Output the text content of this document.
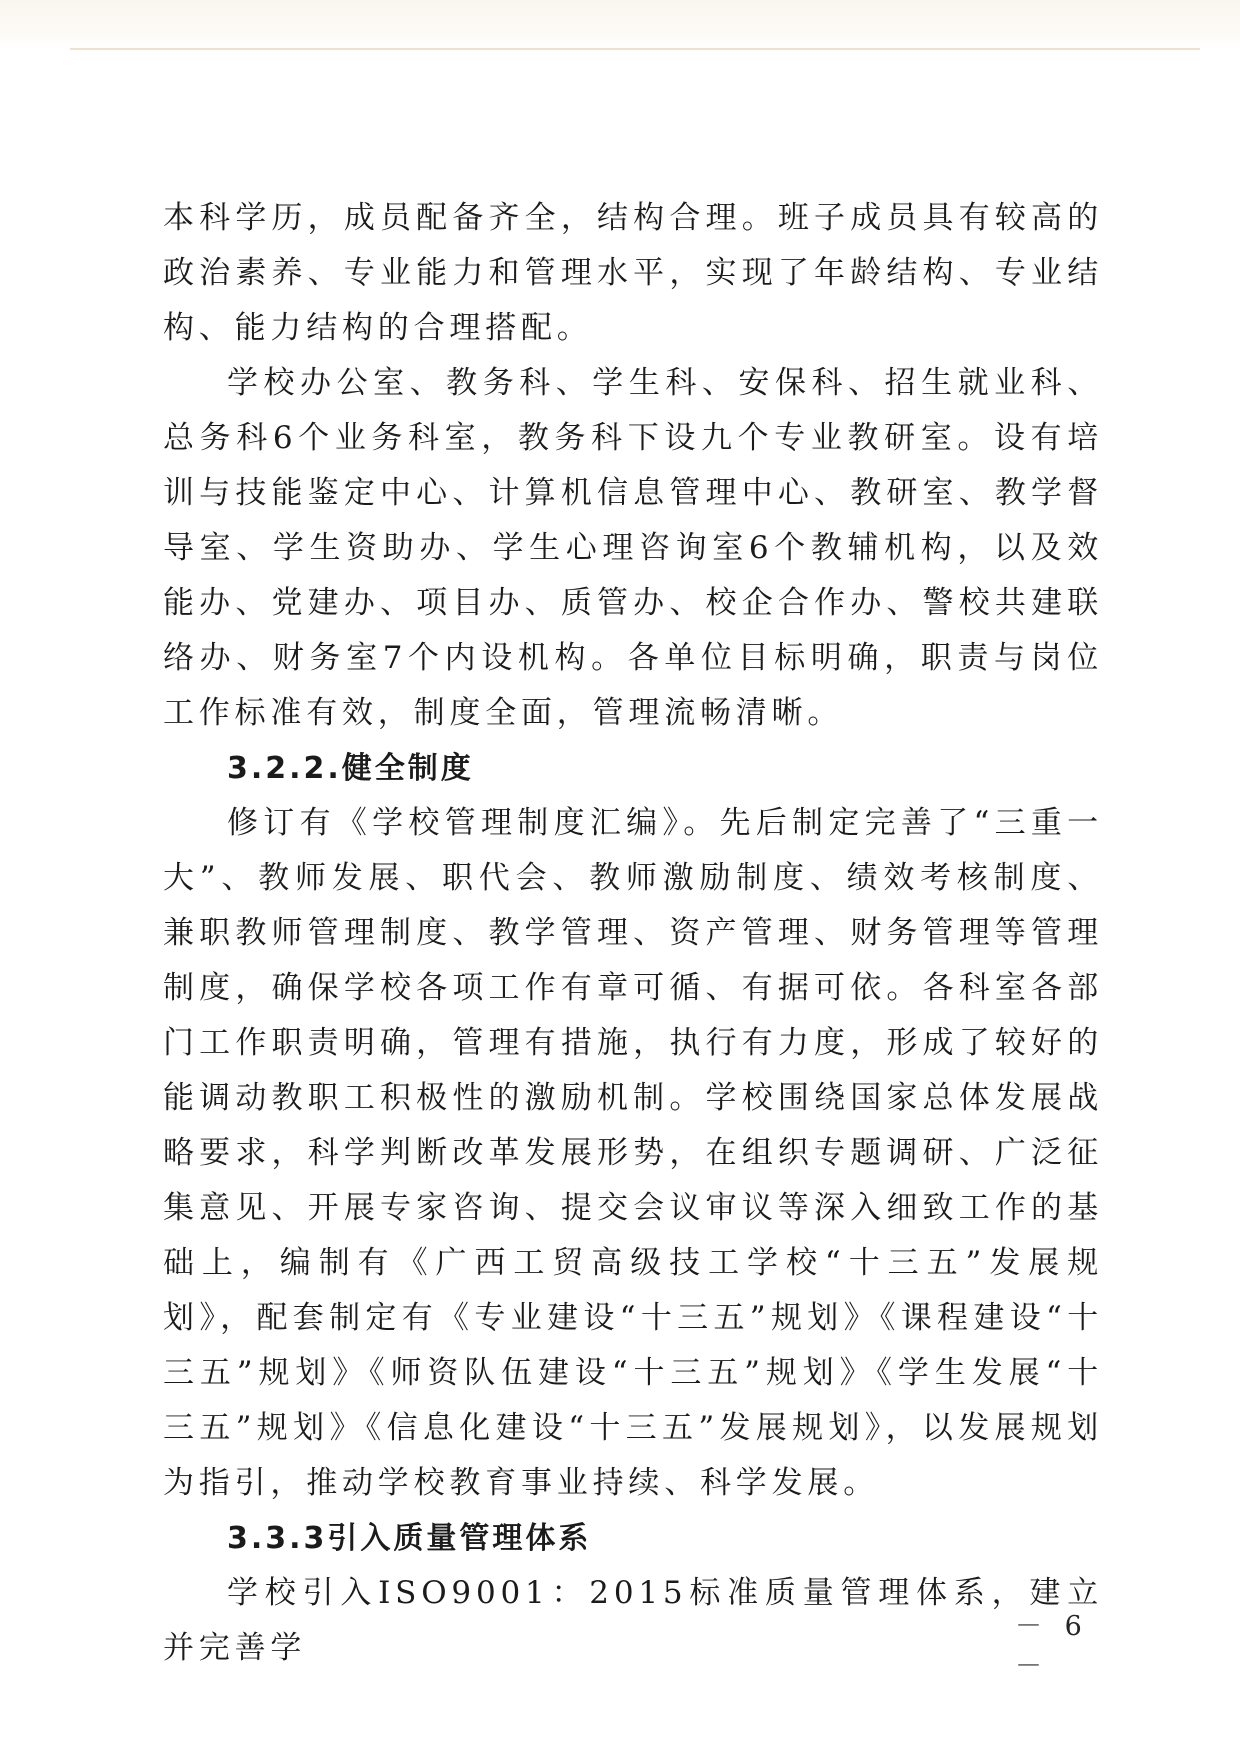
本科学历，成员配备齐全，结构合理。班子成员具有较高的政治素养、专业能力和管理水平，实现了年龄结构、专业结构、能力结构的合理搭配。

学校办公室、教务科、学生科、安保科、招生就业科、总务科6个业务科室，教务科下设九个专业教研室。设有培训与技能鉴定中心、计算机信息管理中心、教研室、教学督导室、学生资助办、学生心理咨询室6个教辅机构，以及效能办、党建办、项目办、质管办、校企合作办、警校共建联络办、财务室7个内设机构。各单位目标明确，职责与岗位工作标准有效，制度全面，管理流畅清晰。

3.2.2.健全制度

修订有《学校管理制度汇编》。先后制定完善了“三重一大”、教师发展、职代会、教师激励制度、绩效考核制度、兼职教师管理制度、教学管理、资产管理、财务管理等管理制度，确保学校各项工作有章可循、有据可依。各科室各部门工作职责明确，管理有措施，执行有力度，形成了较好的能调动教职工积极性的激励机制。学校围绕国家总体发展战略要求，科学判断改革发展形势，在组织专题调研、广泛征集意见、开展专家咨询、提交会议审议等深入细致工作的基础上，编制有《广西工贸高级技工学校“十三五”发展规划》，配套制定有《专业建设“十三五”规划》《课程建设“十三五”规划》《师资队伍建设“十三五”规划》《学生发展“十三五”规划》《信息化建设“十三五”发展规划》，以发展规划为指引，推动学校教育事业持续、科学发展。

3.3.3引入质量管理体系

学校引入ISO9001：2015标准质量管理体系，建立并完善学

－ 6 －
